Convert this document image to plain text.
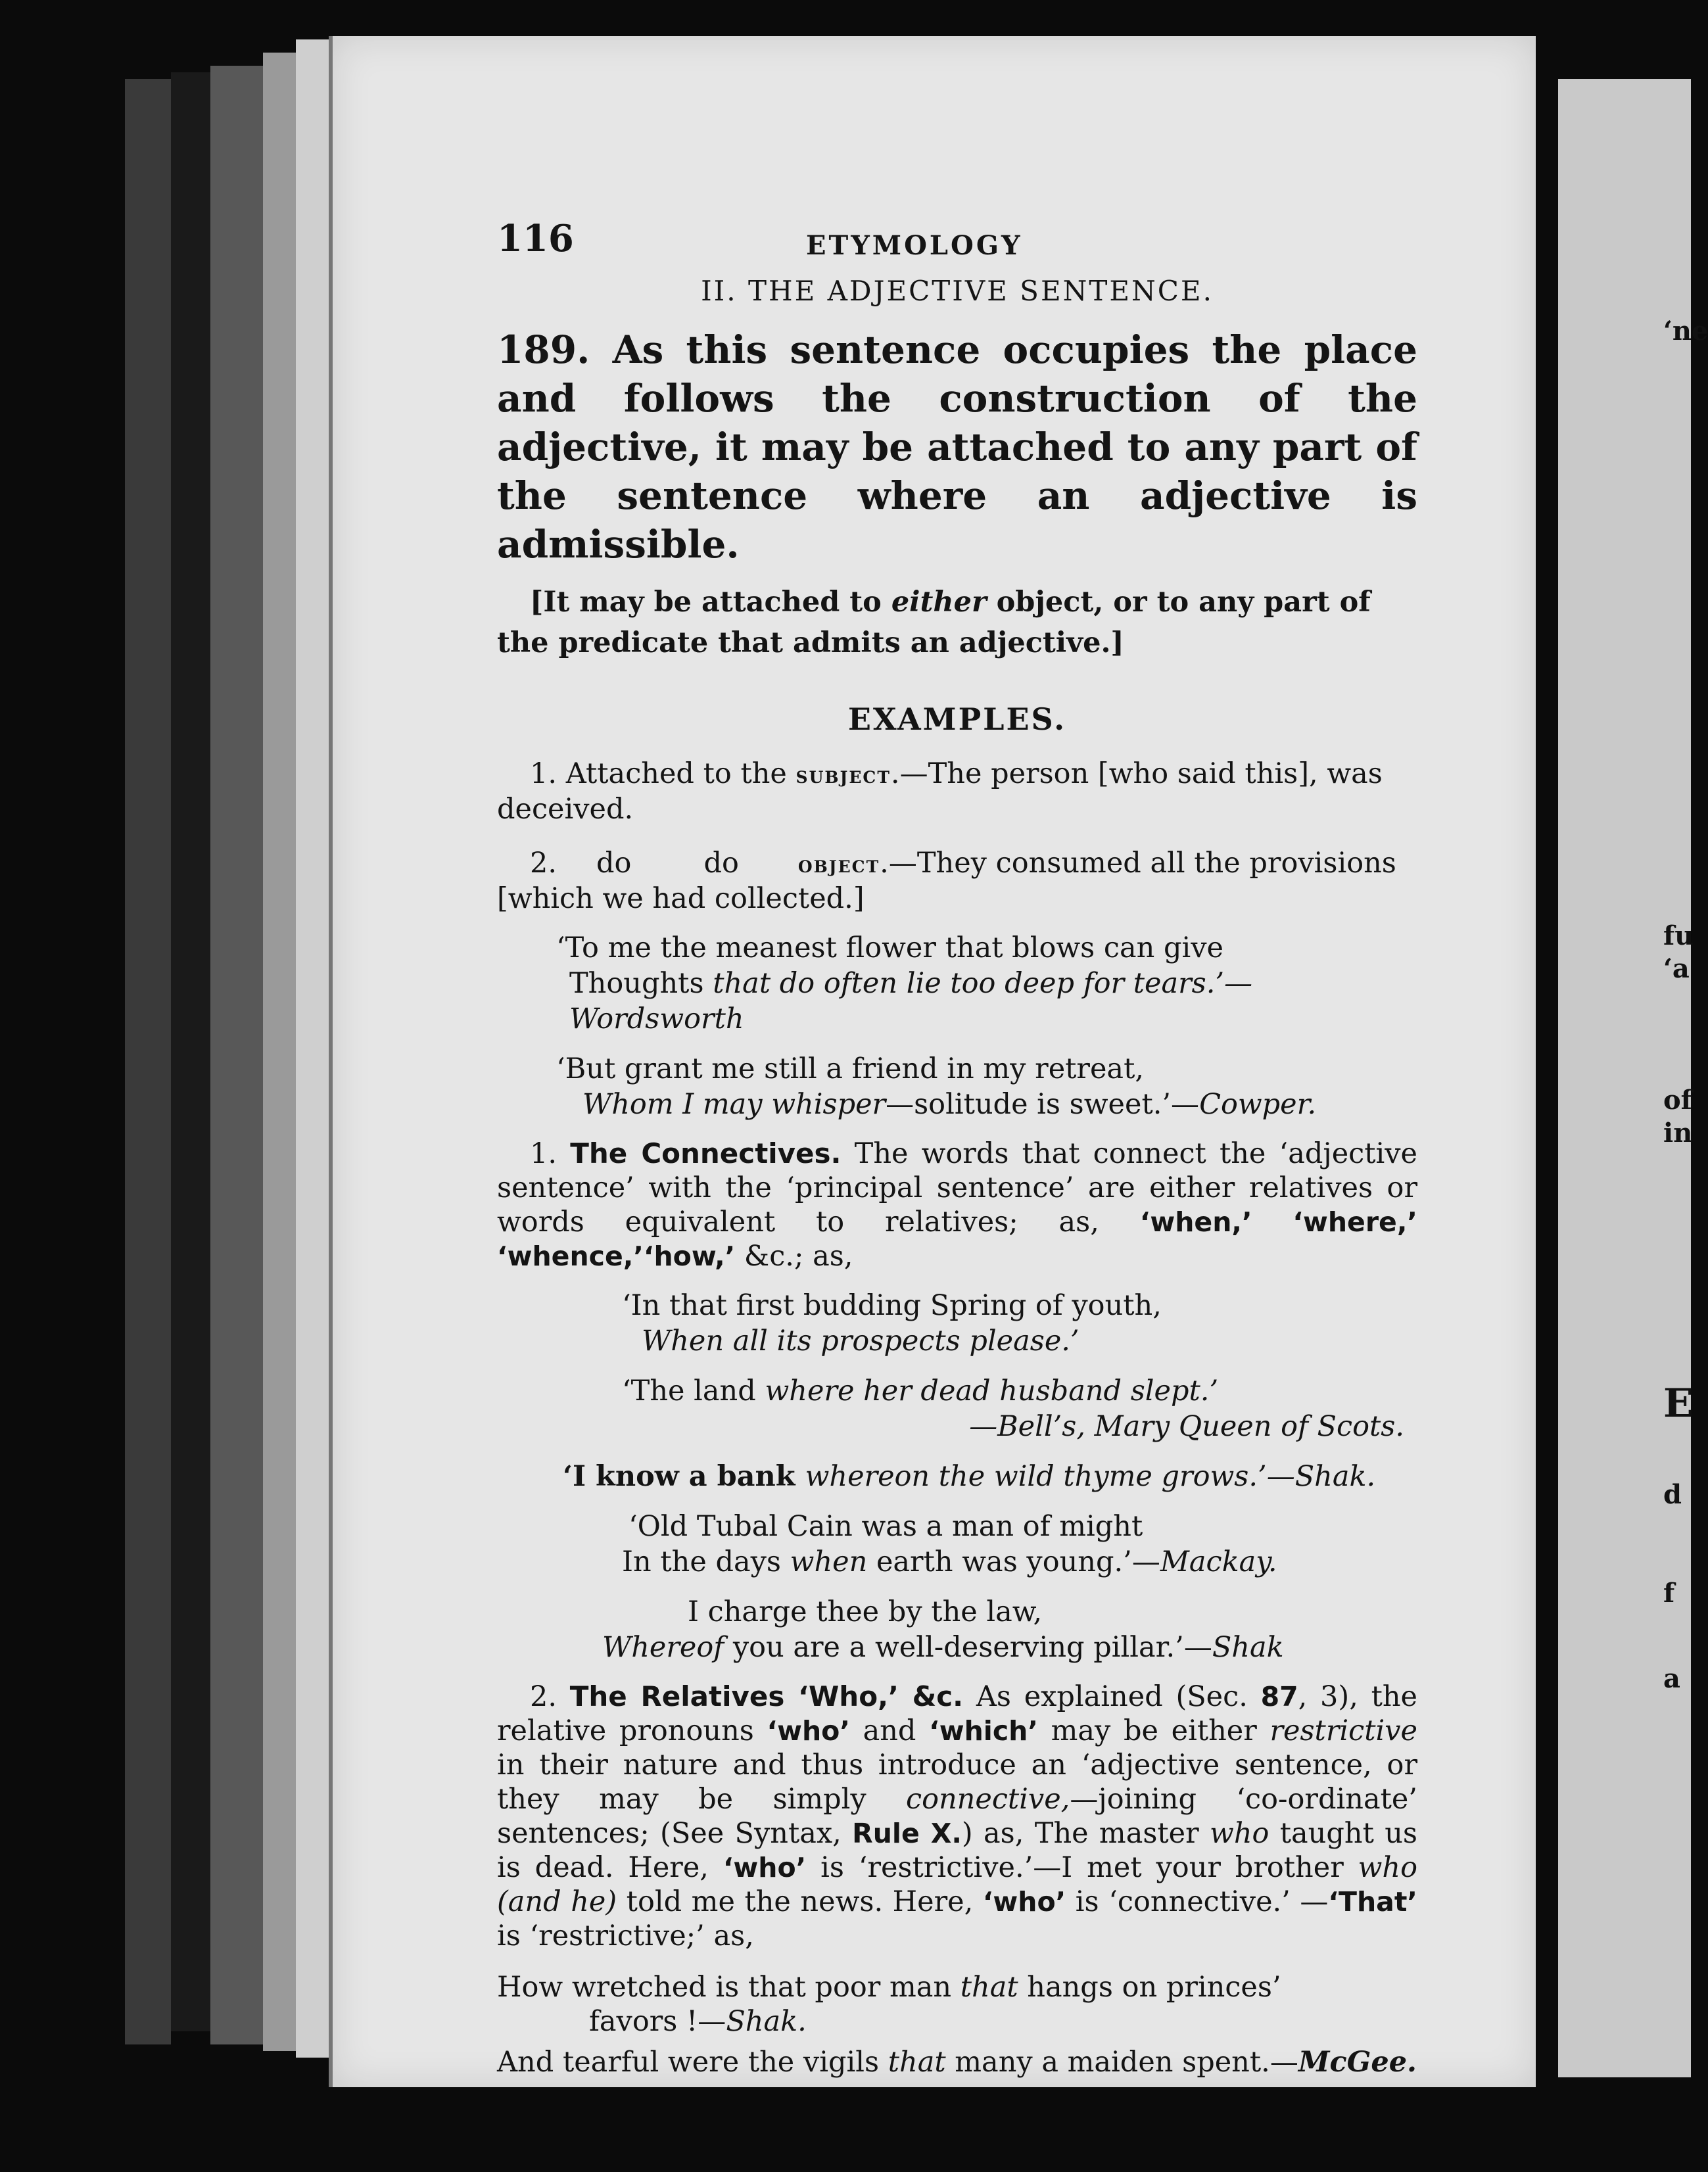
‘ne
fu
‘a
of
in
E
d
f
a
116	ETYMOLOGY
II. THE ADJECTIVE SENTENCE.
189. As this sentence occupies the place and follows the construction of the adjective, it may be attached to any part of the sentence where an adjective is admissible.
[It may be attached to either object, or to any part of the predicate that admits an adjective.]
EXAMPLES.
1. Attached to the subject.—The person [who said this], was deceived.
2. do	do	object.—They consumed all the provisions [which we had collected.]
‘To me the meanest flower that blows can give
Thoughts that do often lie too deep for tears.’—Wordsworth
‘But grant me still a friend in my retreat,
Whom I may whisper—solitude is sweet.’—Cowper.
1. The Connectives. The words that connect the ‘adjective sentence’ with the ‘principal sentence’ are either relatives or words equivalent to relatives; as, ‘when,’ ‘where,’ ‘whence,’‘how,’ &c.; as,
‘In that first budding Spring of youth,
When all its prospects please.’
‘The land where her dead husband slept.’
—Bell’s, Mary Queen of Scots.
‘I know a bank whereon the wild thyme grows.’—Shak.
‘Old Tubal Cain was a man of might
In the days when earth was young.’—Mackay.
I charge thee by the law,
Whereof you are a well-deserving pillar.’—Shak
2. The Relatives ‘Who,’ &c. As explained (Sec. 87, 3), the relative pronouns ‘who’ and ‘which’ may be either restrictive in their nature and thus introduce an ‘adjective sentence, or they may be simply connective,—joining ‘co-ordinate’ sentences; (See Syntax, Rule X.) as, The master who taught us is dead. Here, ‘who’ is ‘restrictive.’—I met your brother who (and he) told me the news. Here, ‘who’ is ‘connective.’ —‘That’ is ‘restrictive;’ as,
How wretched is that poor man that hangs on princes’
favors !—Shak.
And tearful were the vigils that many a maiden spent.—McGee.
